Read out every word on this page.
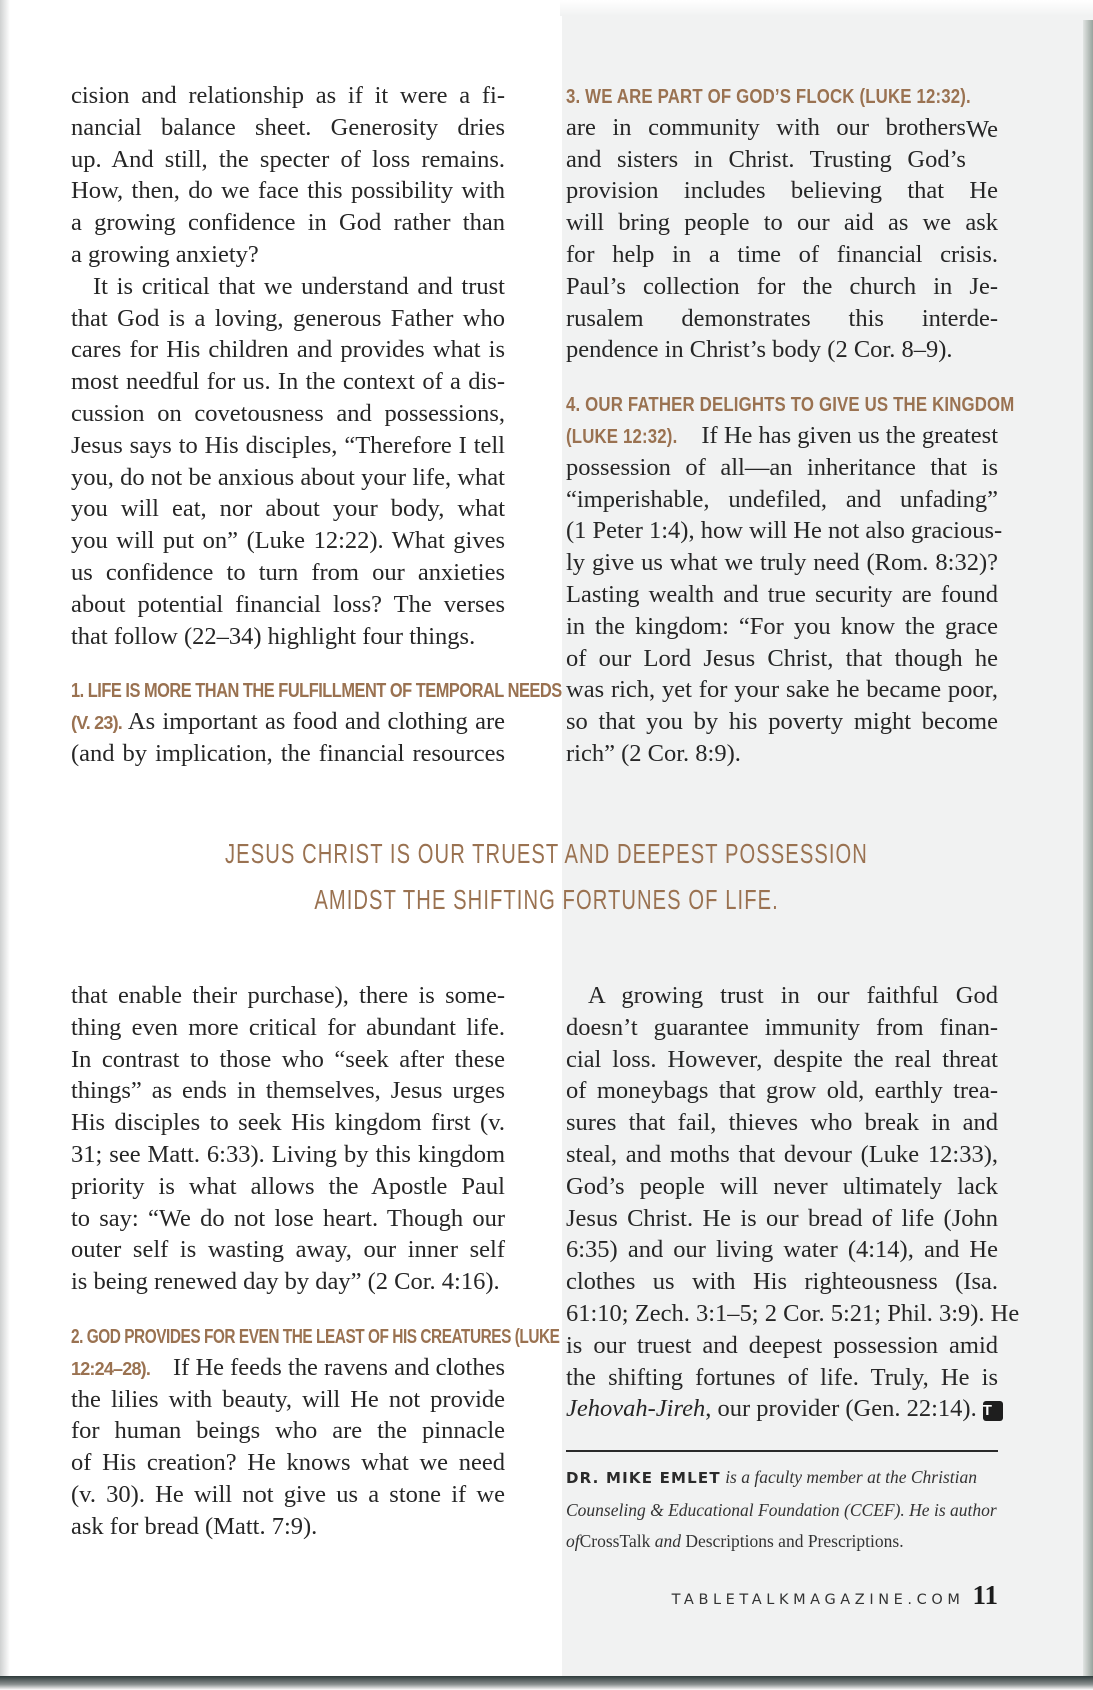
cision and relationship as if it were a fi-
nancial balance sheet. Generosity dries
up. And still, the specter of loss remains.
How, then, do we face this possibility with
a growing confidence in God rather than
a growing anxiety?
It is critical that we understand and trust
that God is a loving, generous Father who
cares for His children and provides what is
most needful for us. In the context of a dis-
cussion on covetousness and possessions,
Jesus says to His disciples, “Therefore I tell
you, do not be anxious about your life, what
you will eat, nor about your body, what
you will put on” (Luke 12:22). What gives
us confidence to turn from our anxieties
about potential financial loss? The verses
that follow (22–34) highlight four things.
1. LIFE IS MORE THAN THE FULFILLMENT OF TEMPORAL NEEDS
(V. 23). As important as food and clothing are
(and by implication, the financial resources
3. WE ARE PART OF GOD’S FLOCK (LUKE 12:32).
We
are in community with our brothers
and sisters in Christ. Trusting God’s
provision includes believing that He
will bring people to our aid as we ask
for help in a time of financial crisis.
Paul’s collection for the church in Je-
rusalem demonstrates this interde-
pendence in Christ’s body (2 Cor. 8–9).
4. OUR FATHER DELIGHTS TO GIVE US THE KINGDOM
(LUKE 12:32). If He has given us the greatest
possession of all—an inheritance that is
“imperishable, undefiled, and unfading”
(1 Peter 1:4), how will He not also gracious-
ly give us what we truly need (Rom. 8:32)?
Lasting wealth and true security are found
in the kingdom: “For you know the grace
of our Lord Jesus Christ, that though he
was rich, yet for your sake he became poor,
so that you by his poverty might become
rich” (2 Cor. 8:9).
JESUS CHRIST IS OUR TRUEST AND DEEPEST POSSESSION
AMIDST THE SHIFTING FORTUNES OF LIFE.
that enable their purchase), there is some-
thing even more critical for abundant life.
In contrast to those who “seek after these
things” as ends in themselves, Jesus urges
His disciples to seek His kingdom first (v.
31; see Matt. 6:33). Living by this kingdom
priority is what allows the Apostle Paul
to say: “We do not lose heart. Though our
outer self is wasting away, our inner self
is being renewed day by day” (2 Cor. 4:16).
2. GOD PROVIDES FOR EVEN THE LEAST OF HIS CREATURES (LUKE
12:24–28). If He feeds the ravens and clothes
the lilies with beauty, will He not provide
for human beings who are the pinnacle
of His creation? He knows what we need
(v. 30). He will not give us a stone if we
ask for bread (Matt. 7:9).
A growing trust in our faithful God
doesn’t guarantee immunity from finan-
cial loss. However, despite the real threat
of moneybags that grow old, earthly trea-
sures that fail, thieves who break in and
steal, and moths that devour (Luke 12:33),
God’s people will never ultimately lack
Jesus Christ. He is our bread of life (John
6:35) and our living water (4:14), and He
clothes us with His righteousness (Isa.
61:10; Zech. 3:1–5; 2 Cor. 5:21; Phil. 3:9). He
is our truest and deepest possession amid
the shifting fortunes of life. Truly, He is
Jehovah-Jireh, our provider (Gen. 22:14). T
DR. MIKE EMLET is a faculty member at the Christian
Counseling & Educational Foundation (CCEF). He is author
ofCrossTalk and Descriptions and Prescriptions.
TABLETALKMAGAZINE.COM 11
